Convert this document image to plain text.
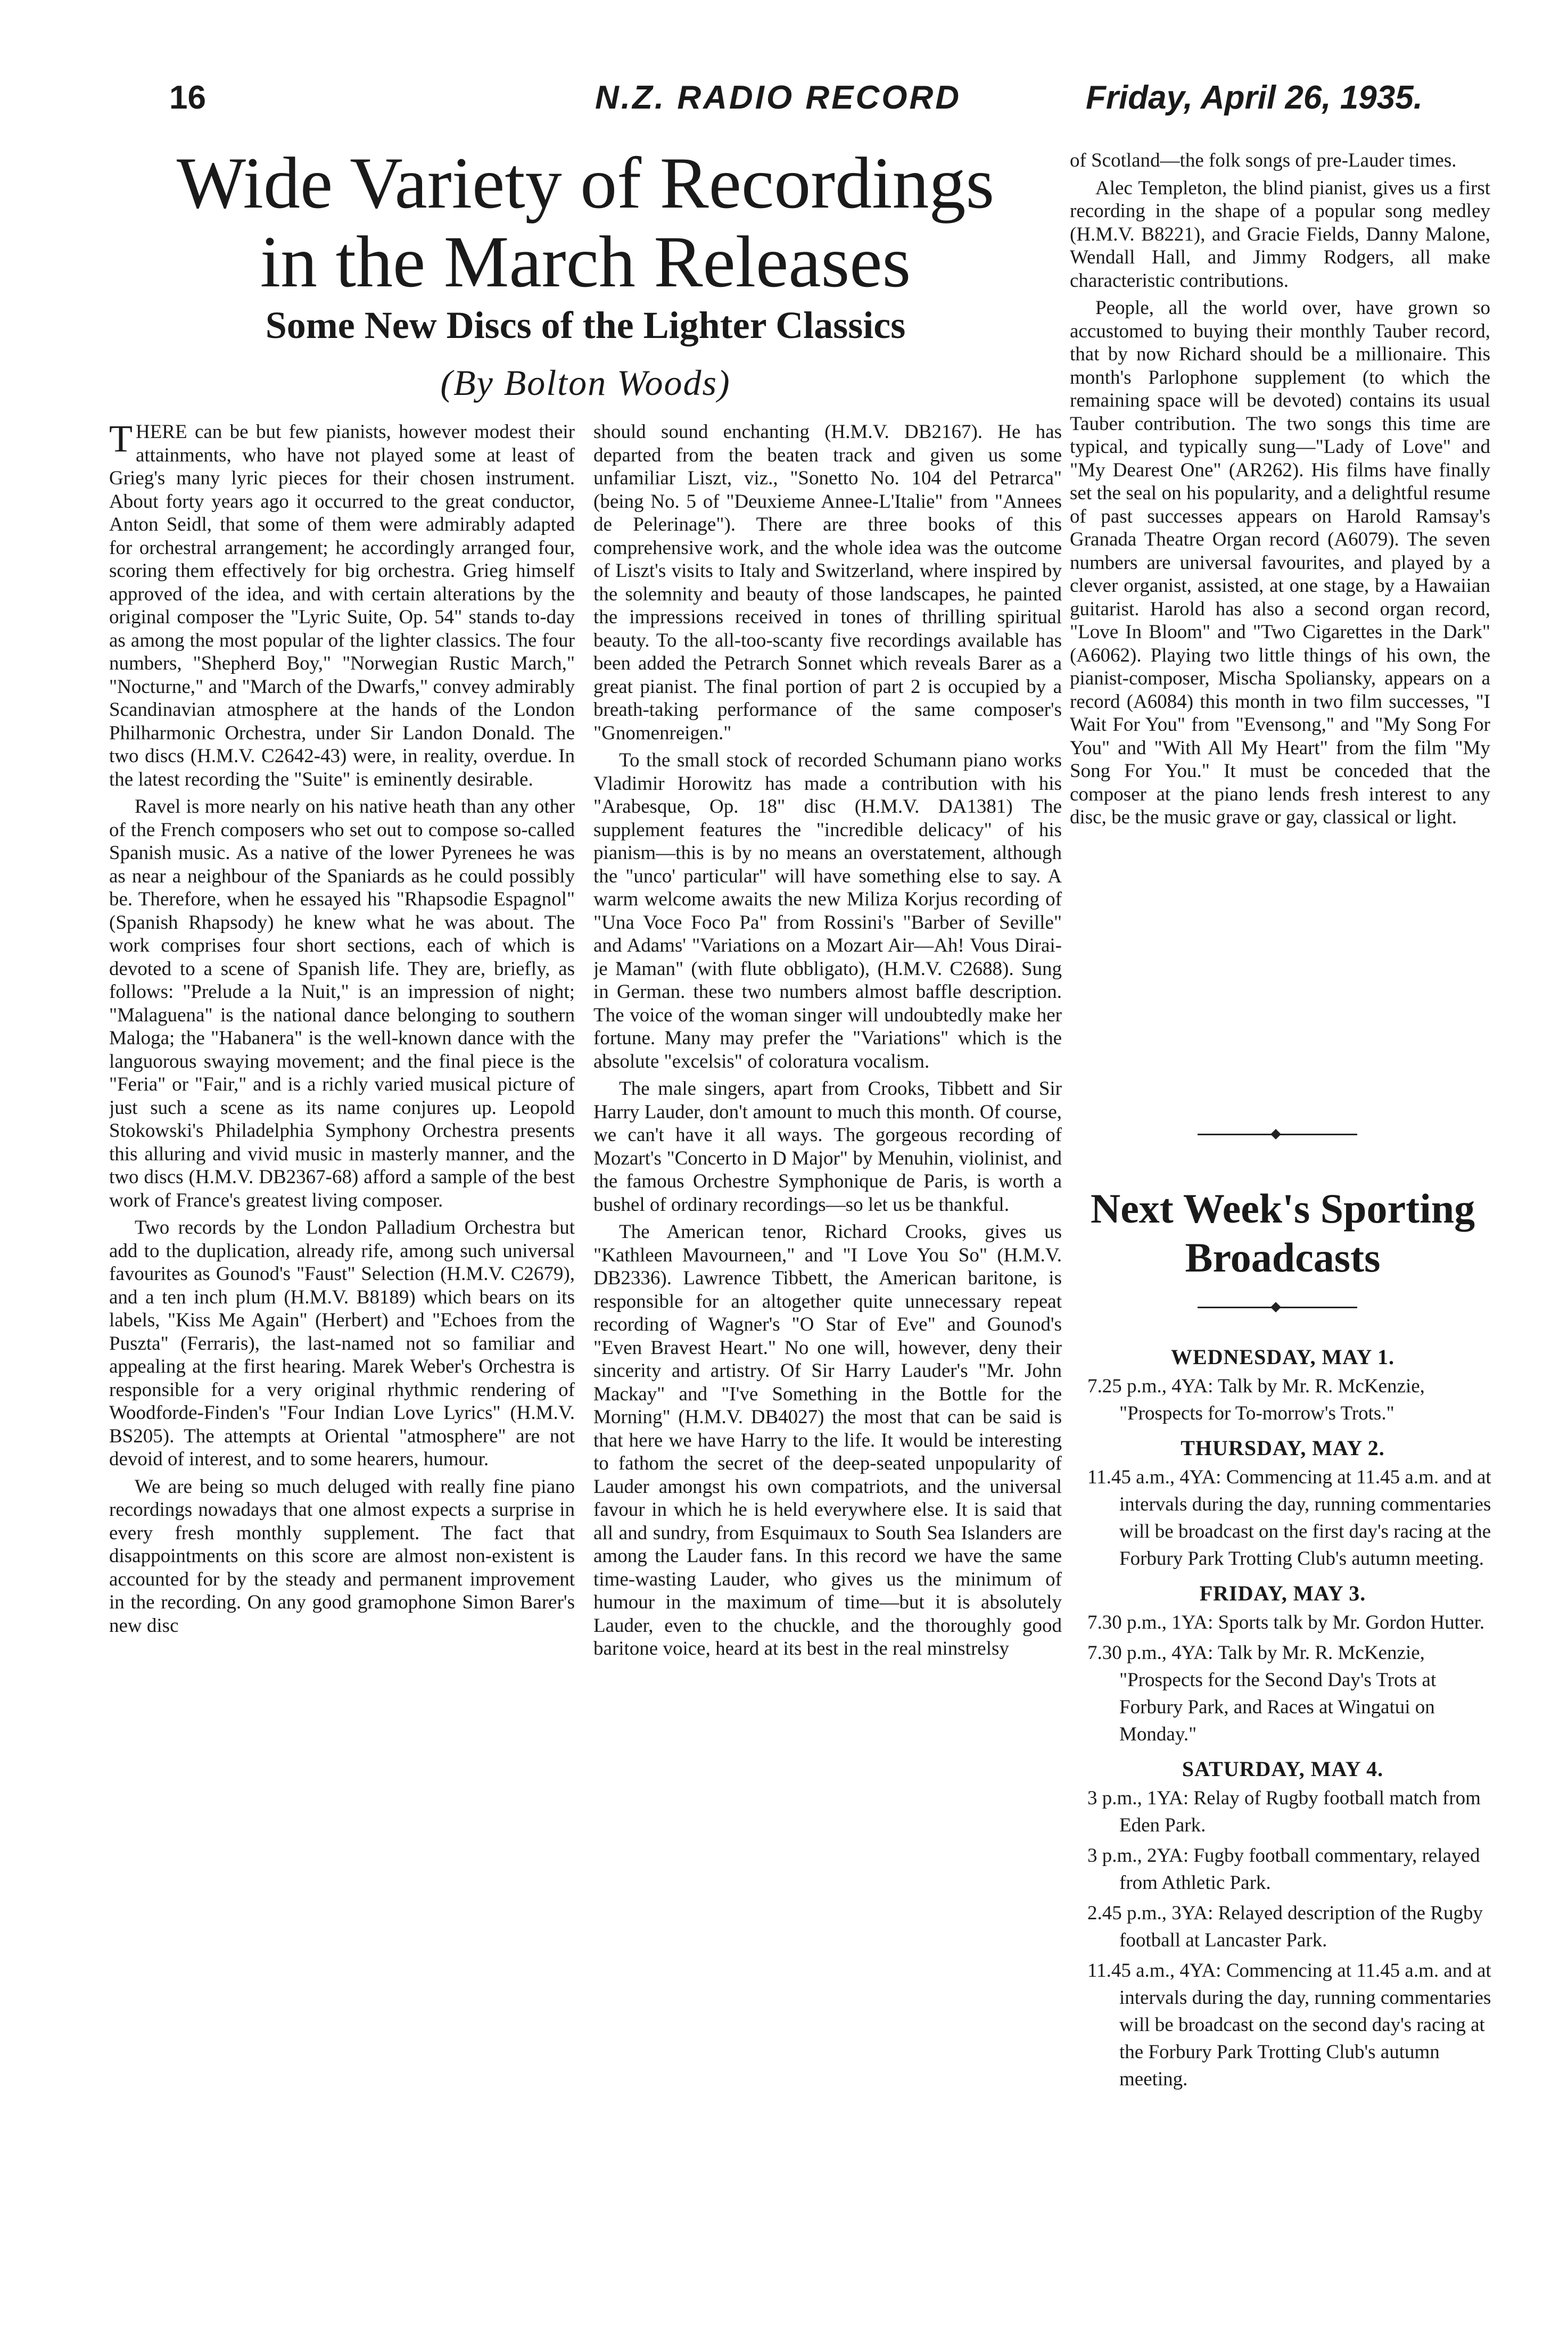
16	N.Z. RADIO RECORD	Friday, April 26, 1935.
Wide Variety of Recordings
in the March Releases
Some New Discs of the Lighter Classics
(By Bolton Woods)

THERE can be but few pianists, however modest their attainments, who have not played some at least of Grieg's many lyric pieces for their chosen instrument. About forty years ago it occurred to the great conductor, Anton Seidl, that some of them were admirably adapted for orchestral arrangement; he accordingly arranged four, scoring them effectively for big orchestra. Grieg himself approved of the idea, and with certain alterations by the original composer the "Lyric Suite, Op. 54" stands to-day as among the most popular of the lighter classics. The four numbers, "Shepherd Boy," "Norwegian Rustic March," "Nocturne," and "March of the Dwarfs," convey admirably Scandinavian atmosphere at the hands of the London Philharmonic Orchestra, under Sir Landon Donald. The two discs (H.M.V. C2642-43) were, in reality, overdue. In the latest recording the "Suite" is eminently desirable.

Ravel is more nearly on his native heath than any other of the French composers who set out to compose so-called Spanish music. As a native of the lower Pyrenees he was as near a neighbour of the Spaniards as he could possibly be. Therefore, when he essayed his "Rhapsodie Espagnol" (Spanish Rhapsody) he knew what he was about. The work comprises four short sections, each of which is devoted to a scene of Spanish life. They are, briefly, as follows: "Prelude a la Nuit," is an impression of night; "Malaguena" is the national dance belonging to southern Maloga; the "Habanera" is the well-known dance with the languorous swaying movement; and the final piece is the "Feria" or "Fair," and is a richly varied musical picture of just such a scene as its name conjures up. Leopold Stokowski's Philadelphia Symphony Orchestra presents this alluring and vivid music in masterly manner, and the two discs (H.M.V. DB2367-68) afford a sample of the best work of France's greatest living composer.

Two records by the London Palladium Orchestra but add to the duplication, already rife, among such universal favourites as Gounod's "Faust" Selection (H.M.V. C2679), and a ten inch plum (H.M.V. B8189) which bears on its labels, "Kiss Me Again" (Herbert) and "Echoes from the Puszta" (Ferraris), the last-named not so familiar and appealing at the first hearing. Marek Weber's Orchestra is responsible for a very original rhythmic rendering of Woodforde-Finden's "Four Indian Love Lyrics" (H.M.V. BS205). The attempts at Oriental "atmosphere" are not devoid of interest, and to some hearers, humour.

We are being so much deluged with really fine piano recordings nowadays that one almost expects a surprise in every fresh monthly supplement. The fact that disappointments on this score are almost non-existent is accounted for by the steady and permanent improvement in the recording. On any good gramophone Simon Barer's new disc

should sound enchanting (H.M.V. DB2167). He has departed from the beaten track and given us some unfamiliar Liszt, viz., "Sonetto No. 104 del Petrarca" (being No. 5 of "Deuxieme Annee-L'Italie" from "Annees de Pelerinage"). There are three books of this comprehensive work, and the whole idea was the outcome of Liszt's visits to Italy and Switzerland, where inspired by the solemnity and beauty of those landscapes, he painted the impressions received in tones of thrilling spiritual beauty. To the all-too-scanty five recordings available has been added the Petrarch Sonnet which reveals Barer as a great pianist. The final portion of part 2 is occupied by a breath-taking performance of the same composer's "Gnomenreigen."

To the small stock of recorded Schumann piano works Vladimir Horowitz has made a contribution with his "Arabesque, Op. 18" disc (H.M.V. DA1381) The supplement features the "incredible delicacy" of his pianism—this is by no means an overstatement, although the "unco' particular" will have something else to say. A warm welcome awaits the new Miliza Korjus recording of "Una Voce Foco Pa" from Rossini's "Barber of Seville" and Adams' "Variations on a Mozart Air—Ah! Vous Dirai-je Maman" (with flute obbligato), (H.M.V. C2688). Sung in German. these two numbers almost baffle description. The voice of the woman singer will undoubtedly make her fortune. Many may prefer the "Variations" which is the absolute "excelsis" of coloratura vocalism.

The male singers, apart from Crooks, Tibbett and Sir Harry Lauder, don't amount to much this month. Of course, we can't have it all ways. The gorgeous recording of Mozart's "Concerto in D Major" by Menuhin, violinist, and the famous Orchestre Symphonique de Paris, is worth a bushel of ordinary recordings—so let us be thankful.

The American tenor, Richard Crooks, gives us "Kathleen Mavourneen," and "I Love You So" (H.M.V. DB2336). Lawrence Tibbett, the American baritone, is responsible for an altogether quite unnecessary repeat recording of Wagner's "O Star of Eve" and Gounod's "Even Bravest Heart." No one will, however, deny their sincerity and artistry. Of Sir Harry Lauder's "Mr. John Mackay" and "I've Something in the Bottle for the Morning" (H.M.V. DB4027) the most that can be said is that here we have Harry to the life. It would be interesting to fathom the secret of the deep-seated unpopularity of Lauder amongst his own compatriots, and the universal favour in which he is held everywhere else. It is said that all and sundry, from Esquimaux to South Sea Islanders are among the Lauder fans. In this record we have the same time-wasting Lauder, who gives us the minimum of humour in the maximum of time—but it is absolutely Lauder, even to the chuckle, and the thoroughly good baritone voice, heard at its best in the real minstrelsy

of Scotland—the folk songs of pre-Lauder times.

Alec Templeton, the blind pianist, gives us a first recording in the shape of a popular song medley (H.M.V. B8221), and Gracie Fields, Danny Malone, Wendall Hall, and Jimmy Rodgers, all make characteristic contributions.

People, all the world over, have grown so accustomed to buying their monthly Tauber record, that by now Richard should be a millionaire. This month's Parlophone supplement (to which the remaining space will be devoted) contains its usual Tauber contribution. The two songs this time are typical, and typically sung—"Lady of Love" and "My Dearest One" (AR262). His films have finally set the seal on his popularity, and a delightful resume of past successes appears on Harold Ramsay's Granada Theatre Organ record (A6079). The seven numbers are universal favourites, and played by a clever organist, assisted, at one stage, by a Hawaiian guitarist. Harold has also a second organ record, "Love In Bloom" and "Two Cigarettes in the Dark" (A6062). Playing two little things of his own, the pianist-composer, Mischa Spoliansky, appears on a record (A6084) this month in two film successes, "I Wait For You" from "Evensong," and "My Song For You" and "With All My Heart" from the film "My Song For You." It must be conceded that the composer at the piano lends fresh interest to any disc, be the music grave or gay, classical or light.

Next Week's Sporting Broadcasts
WEDNESDAY, MAY 1.
7.25 p.m., 4YA: Talk by Mr. R. McKenzie, "Prospects for To-morrow's Trots."
THURSDAY, MAY 2.
11.45 a.m., 4YA: Commencing at 11.45 a.m. and at intervals during the day, running commentaries will be broadcast on the first day's racing at the Forbury Park Trotting Club's autumn meeting.
FRIDAY, MAY 3.
7.30 p.m., 1YA: Sports talk by Mr. Gordon Hutter.
7.30 p.m., 4YA: Talk by Mr. R. McKenzie, "Prospects for the Second Day's Trots at Forbury Park, and Races at Wingatui on Monday."
SATURDAY, MAY 4.
3 p.m., 1YA: Relay of Rugby football match from Eden Park.
3 p.m., 2YA: Fugby football commentary, relayed from Athletic Park.
2.45 p.m., 3YA: Relayed description of the Rugby football at Lancaster Park.
11.45 a.m., 4YA: Commencing at 11.45 a.m. and at intervals during the day, running commentaries will be broadcast on the second day's racing at the Forbury Park Trotting Club's autumn meeting.
